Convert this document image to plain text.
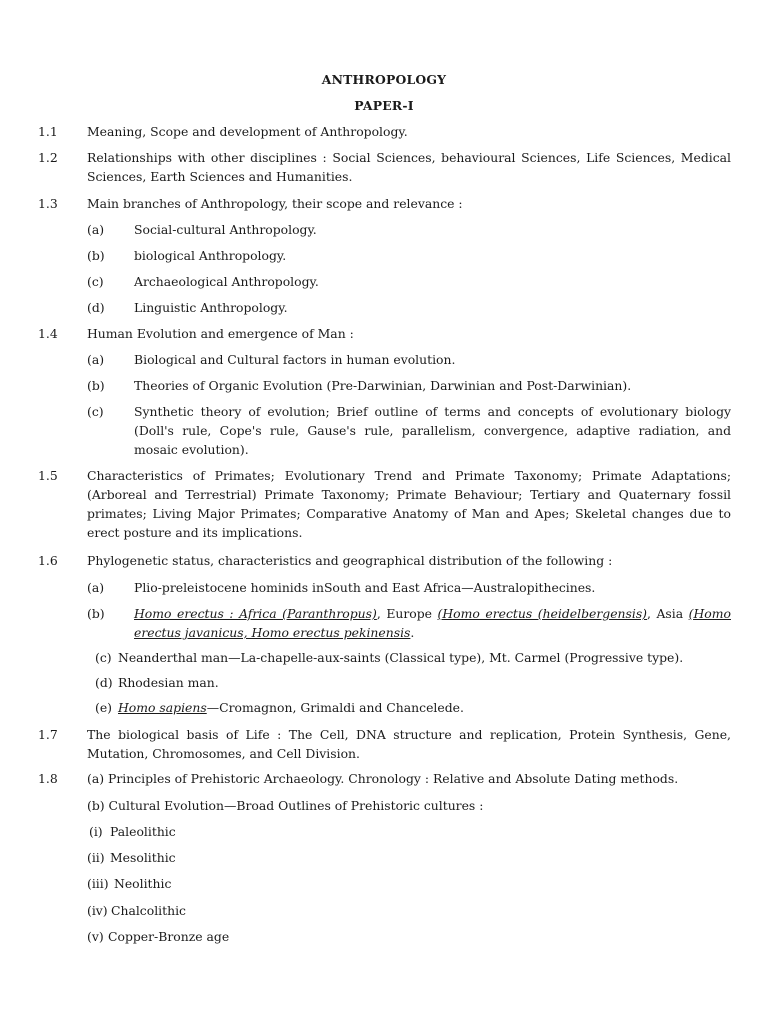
ANTHROPOLOGY
PAPER-I
1.1 Meaning, Scope and development of Anthropology.
1.2 Relationships with other disciplines : Social Sciences, behavioural Sciences, Life Sciences, Medical Sciences, Earth Sciences and Humanities.
1.3 Main branches of Anthropology, their scope and relevance :
(a) Social-cultural Anthropology.
(b) biological Anthropology.
(c) Archaeological Anthropology.
(d) Linguistic Anthropology.
1.4 Human Evolution and emergence of Man :
(a) Biological and Cultural factors in human evolution.
(b) Theories of Organic Evolution (Pre-Darwinian, Darwinian and Post-Darwinian).
(c) Synthetic theory of evolution; Brief outline of terms and concepts of evolutionary biology (Doll's rule, Cope's rule, Gause's rule, parallelism, convergence, adaptive radiation, and mosaic evolution).
1.5 Characteristics of Primates; Evolutionary Trend and Primate Taxonomy; Primate Adaptations; (Arboreal and Terrestrial) Primate Taxonomy; Primate Behaviour; Tertiary and Quaternary fossil primates; Living Major Primates; Comparative Anatomy of Man and Apes; Skeletal changes due to erect posture and its implications.
1.6 Phylogenetic status, characteristics and geographical distribution of the following :
(a) Plio-preleistocene hominids inSouth and East Africa—Australopithecines.
(b) Homo erectus : Africa (Paranthropus), Europe (Homo erectus (heidelbergensis), Asia (Homo erectus javanicus, Homo erectus pekinensis.
(c) Neanderthal man—La-chapelle-aux-saints (Classical type), Mt. Carmel (Progressive type).
(d) Rhodesian man.
(e) Homo sapiens—Cromagnon, Grimaldi and Chancelede.
1.7 The biological basis of Life : The Cell, DNA structure and replication, Protein Synthesis, Gene, Mutation, Chromosomes, and Cell Division.
1.8 (a) Principles of Prehistoric Archaeology. Chronology : Relative and Absolute Dating methods.
(b) Cultural Evolution—Broad Outlines of Prehistoric cultures :
(i) Paleolithic
(ii) Mesolithic
(iii) Neolithic
(iv) Chalcolithic
(v) Copper-Bronze age
